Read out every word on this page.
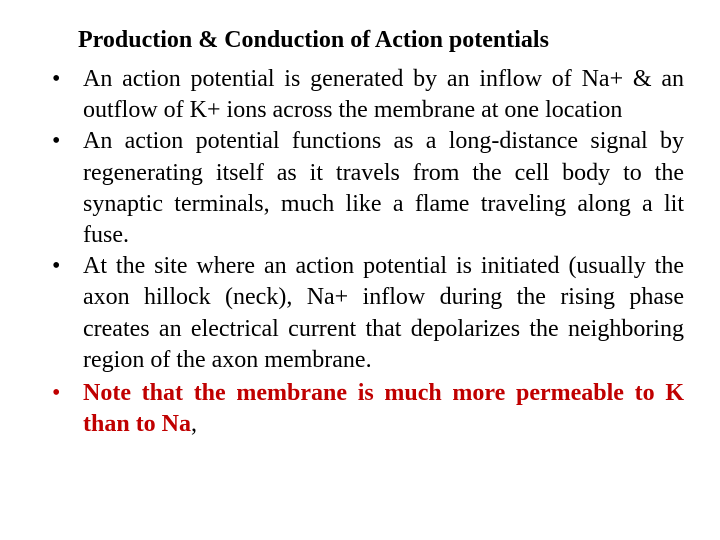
Production & Conduction of Action potentials
• An action potential is generated by an inflow of Na+ & an outflow of K+ ions across the membrane at one location
• An action potential functions as a long-distance signal by regenerating itself as it travels from the cell body to the synaptic terminals, much like a flame traveling along a lit fuse.
• At the site where an action potential is initiated (usually the axon hillock (neck), Na+ inflow during the rising phase creates an electrical current that depolarizes the neighboring region of the axon membrane.
• Note that the membrane is much more permeable to K than to Na,
